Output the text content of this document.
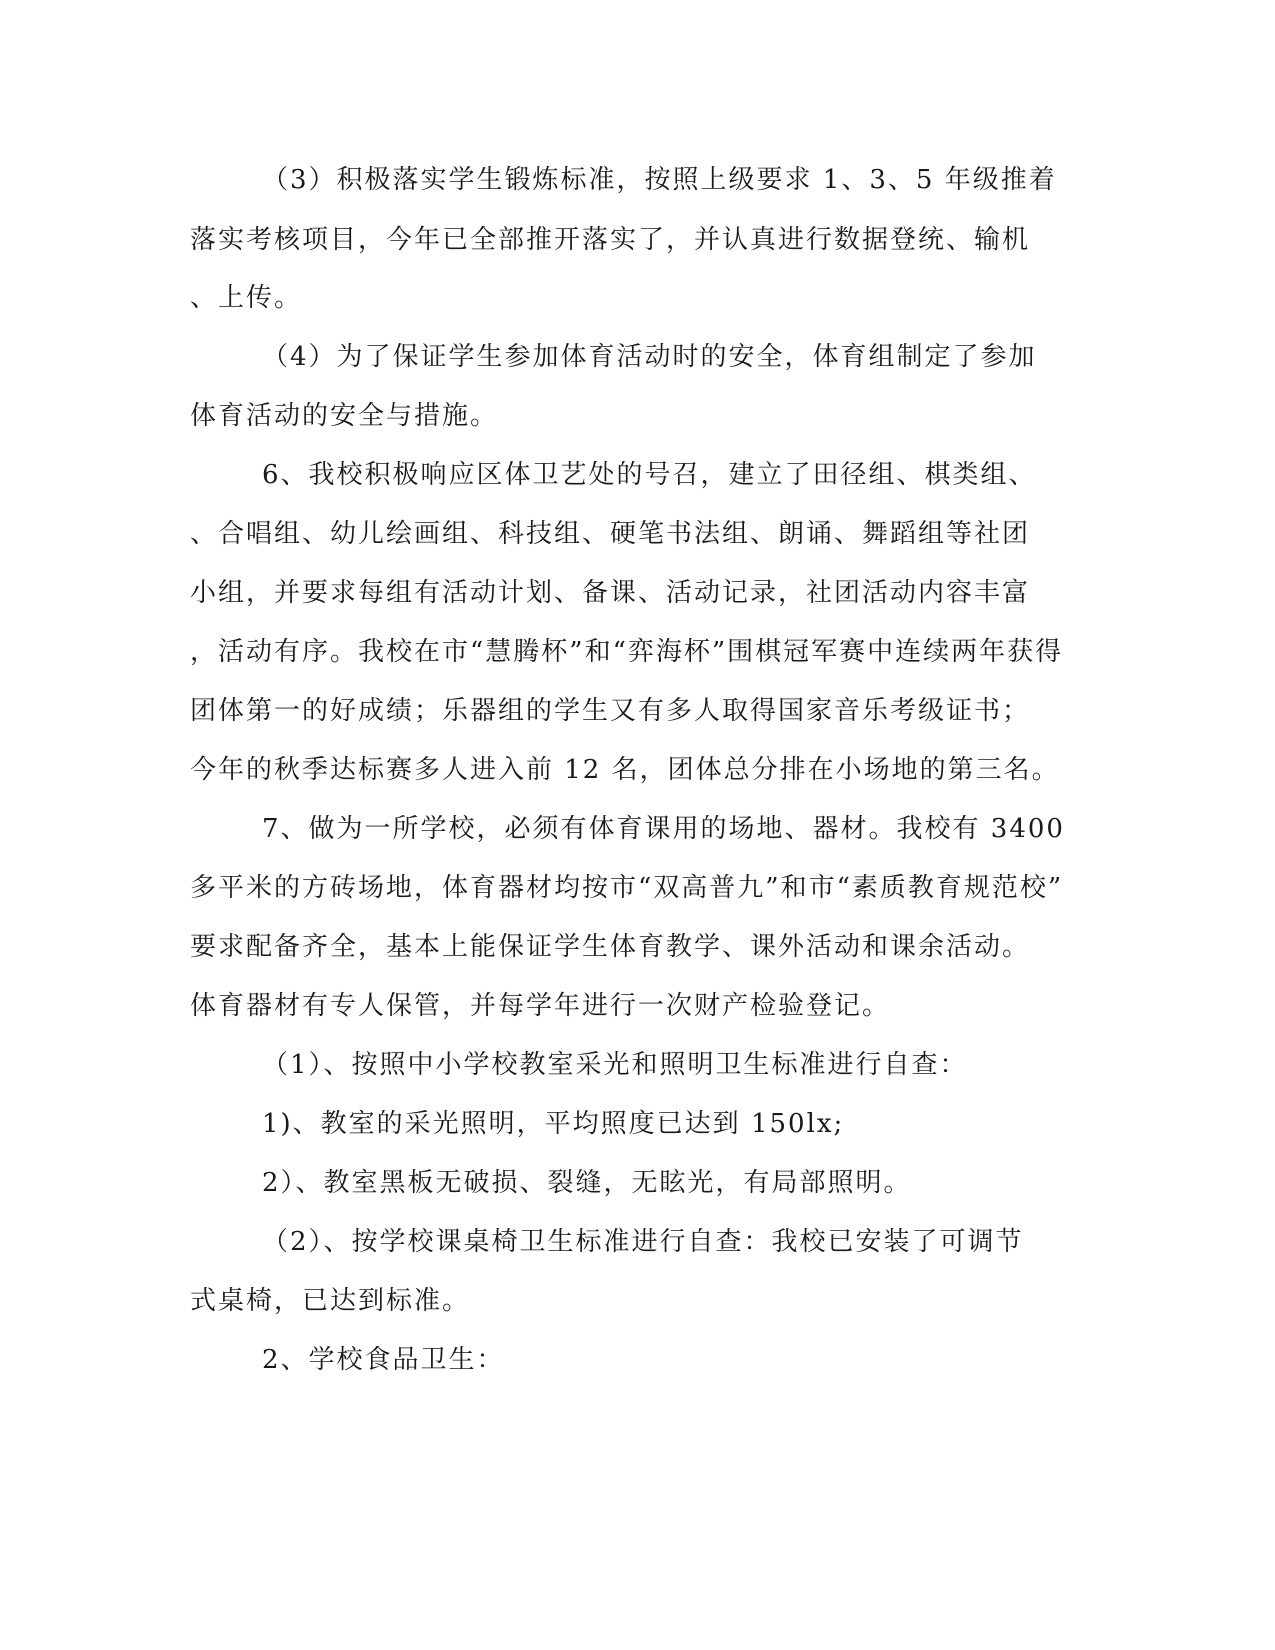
（3）积极落实学生锻炼标准，按照上级要求 1、3、5 年级推着
落实考核项目，今年已全部推开落实了，并认真进行数据登统、输机
、上传。
（4）为了保证学生参加体育活动时的安全，体育组制定了参加
体育活动的安全与措施。
6、我校积极响应区体卫艺处的号召，建立了田径组、棋类组、
、合唱组、幼儿绘画组、科技组、硬笔书法组、朗诵、舞蹈组等社团
小组，并要求每组有活动计划、备课、活动记录，社团活动内容丰富
，活动有序。我校在市“慧腾杯”和“弈海杯”围棋冠军赛中连续两年获得
团体第一的好成绩；乐器组的学生又有多人取得国家音乐考级证书；
今年的秋季达标赛多人进入前 12 名，团体总分排在小场地的第三名。
7、做为一所学校，必须有体育课用的场地、器材。我校有 3400
多平米的方砖场地，体育器材均按市“双高普九”和市“素质教育规范校”
要求配备齐全，基本上能保证学生体育教学、课外活动和课余活动。
体育器材有专人保管，并每学年进行一次财产检验登记。
（1）、按照中小学校教室采光和照明卫生标准进行自查：
1)、教室的采光照明，平均照度已达到 150lx;
2）、教室黑板无破损、裂缝，无眩光，有局部照明。
（2）、按学校课桌椅卫生标准进行自查：我校已安装了可调节
式桌椅，已达到标准。
2、学校食品卫生：
